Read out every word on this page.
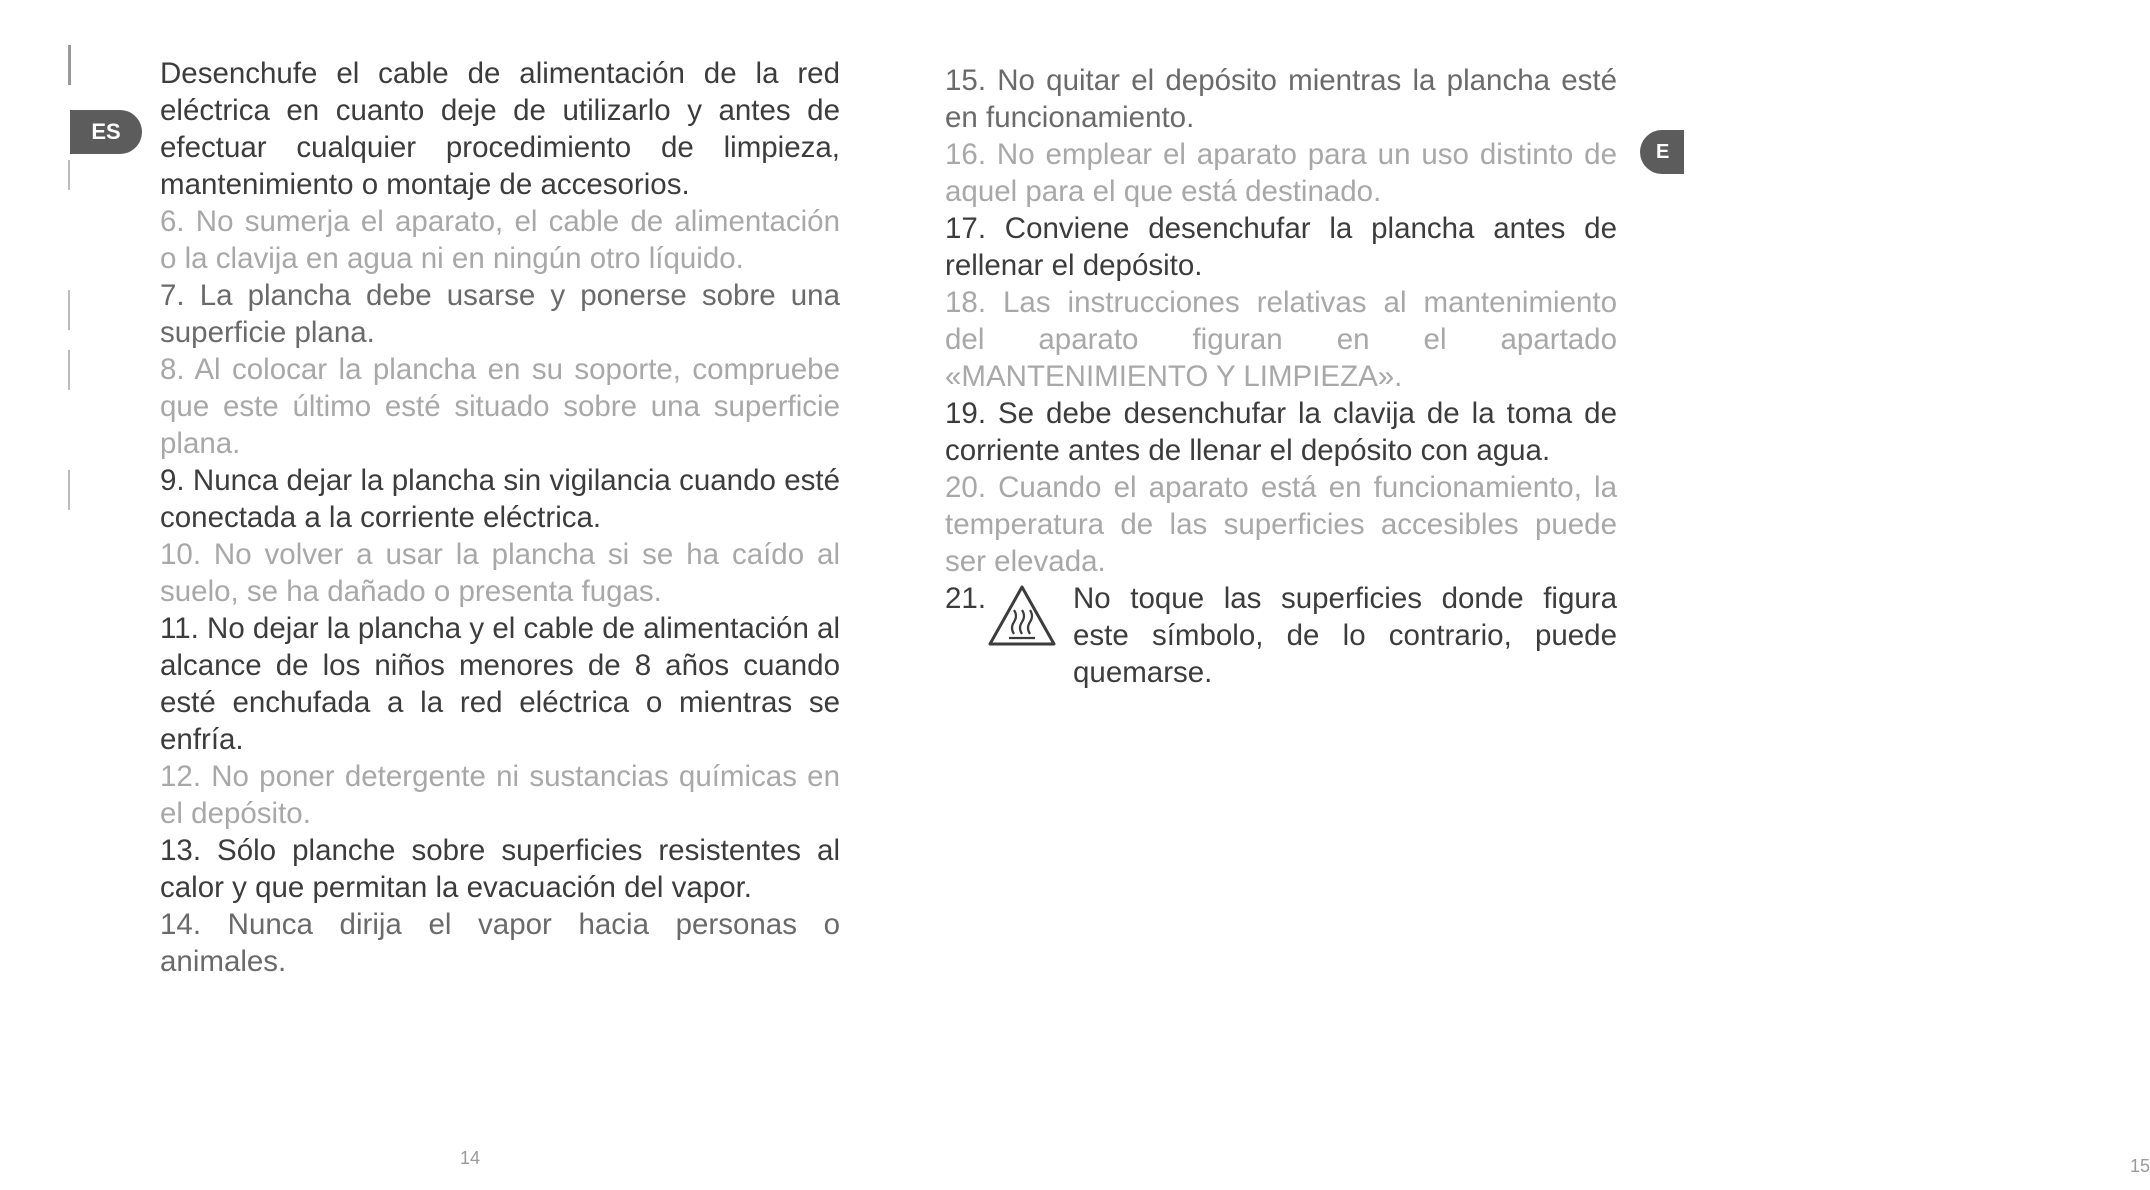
ES
E

Desenchufe el cable de alimentación de la red eléctrica en cuanto deje de utilizarlo y antes de efectuar cualquier procedimiento de limpieza, mantenimiento o montaje de accesorios.

6. No sumerja el aparato, el cable de alimentación o la clavija en agua ni en ningún otro líquido.

7. La plancha debe usarse y ponerse sobre una superficie plana.

8. Al colocar la plancha en su soporte, compruebe que este último esté situado sobre una superficie plana.

9. Nunca dejar la plancha sin vigilancia cuando esté conectada a la corriente eléctrica.

10. No volver a usar la plancha si se ha caído al suelo, se ha dañado o presenta fugas.

11. No dejar la plancha y el cable de alimentación al alcance de los niños menores de 8 años cuando esté enchufada a la red eléctrica o mientras se enfría.

12. No poner detergente ni sustancias químicas en el depósito.

13. Sólo planche sobre superficies resistentes al calor y que permitan la evacuación del vapor.

14. Nunca dirija el vapor hacia personas o animales.

14

15. No quitar el depósito mientras la plancha esté en funcionamiento.

16. No emplear el aparato para un uso distinto de aquel para el que está destinado.

17. Conviene desenchufar la plancha antes de rellenar el depósito.

18. Las instrucciones relativas al mantenimiento del aparato figuran en el apartado «MANTENIMIENTO Y LIMPIEZA».

19. Se debe desenchufar la clavija de la toma de corriente antes de llenar el depósito con agua.

20. Cuando el aparato está en funcionamiento, la temperatura de las superficies accesibles puede ser elevada.

21.	No toque las superficies donde figura este símbolo, de lo contrario, puede quemarse.
15
